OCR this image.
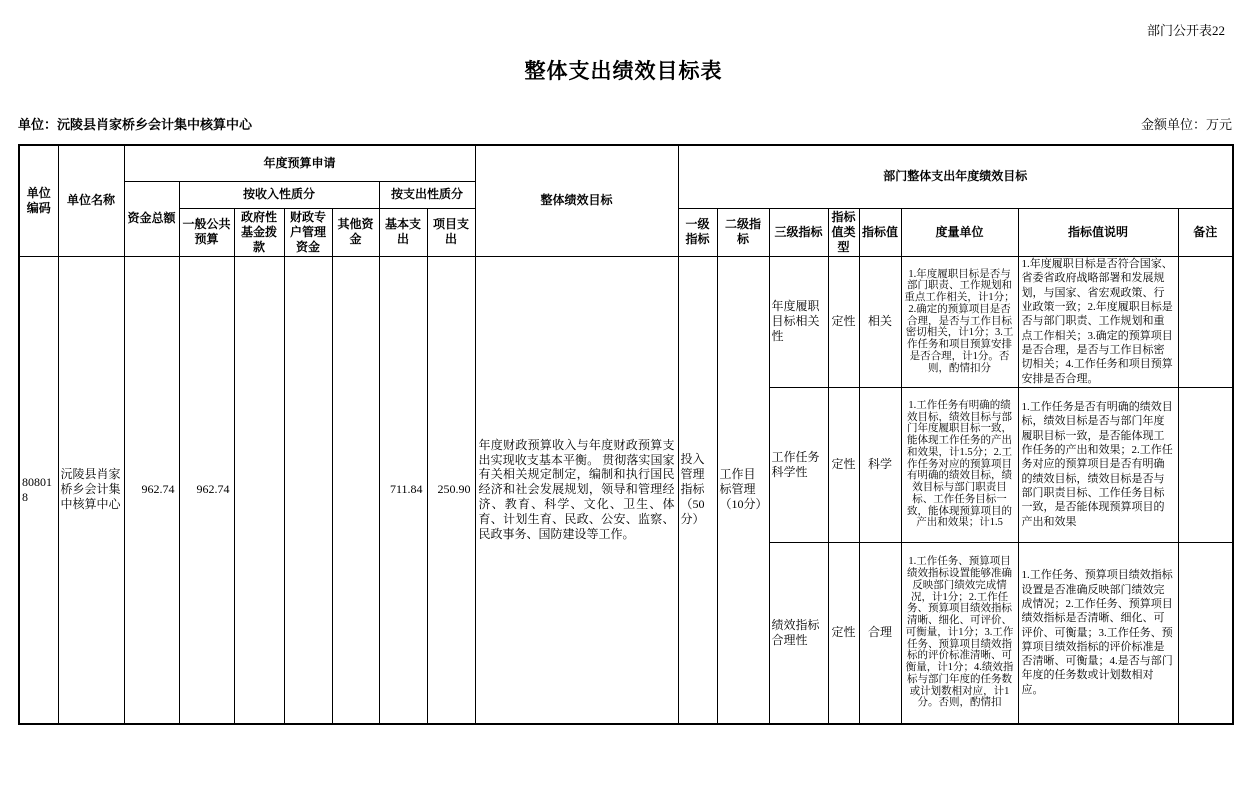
部门公开表22
整体支出绩效目标表
单位：沅陵县肖家桥乡会计集中核算中心	金额单位：万元
单位编码	单位名称	年度预算申请							整体绩效目标	部门整体支出年度绩效目标							
		资金总额	按收入性质分				按支出性质分										
			一般公共预算	政府性基金拨款	财政专户管理资金	其他资金	基本支出	项目支出		一级指标	二级指标	三级指标	指标值类型	指标值	度量单位	指标值说明	备注
808018	沅陵县肖家桥乡会计集中核算中心	962.74	962.74				711.84	250.90	年度财政预算收入与年度财政预算支出实现收支基本平衡。 贯彻落实国家有关相关规定制定，编制和执行国民经济和社会发展规划，领导和管理经济、教育、科学、文化、卫生、体育、计划生育、民政、公安、监察、民政事务、国防建设等工作。	投入管理指标（50分）	工作目标管理 （10分）	年度履职目标相关性	定性	相关	1.年度履职目标是否与部门职责、工作规划和重点工作相关，计1分；2.确定的预算项目是否合理，是否与工作目标密切相关，计1分；3.工作任务和项目预算安排是否合理，计1分。否则，酌情扣分	1.年度履职目标是否符合国家、省委省政府战略部署和发展规划，与国家、省宏观政策、行业政策一致；2.年度履职目标是否与部门职责、工作规划和重点工作相关；3.确定的预算项目是否合理，是否与工作目标密切相关；4.工作任务和项目预算安排是否合理。	
												工作任务科学性	定性	科学	1.工作任务有明确的绩效目标，绩效目标与部门年度履职目标一致，能体现工作任务的产出和效果，计1.5分；2.工作任务对应的预算项目有明确的绩效目标，绩效目标与部门职责目标、工作任务目标一致，能体现预算项目的产出和效果；计1.5	1.工作任务是否有明确的绩效目标，绩效目标是否与部门年度履职目标一致，是否能体现工作任务的产出和效果；2.工作任务对应的预算项目是否有明确的绩效目标，绩效目标是否与部门职责目标、工作任务目标一致，是否能体现预算项目的产出和效果	
												绩效指标合理性	定性	合理	1.工作任务、预算项目绩效指标设置能够准确反映部门绩效完成情况，计1分；2.工作任务、预算项目绩效指标清晰、细化、可评价、可衡量，计1分；3.工作任务、预算项目绩效指标的评价标准清晰、可衡量，计1分；4.绩效指标与部门年度的任务数或计划数相对应，计1分。否则，酌情扣	1.工作任务、预算项目绩效指标设置是否准确反映部门绩效完成情况；2.工作任务、预算项目绩效指标是否清晰、细化、可评价、可衡量；3.工作任务、预算项目绩效指标的评价标准是否清晰、可衡量；4.是否与部门年度的任务数或计划数相对应。	
